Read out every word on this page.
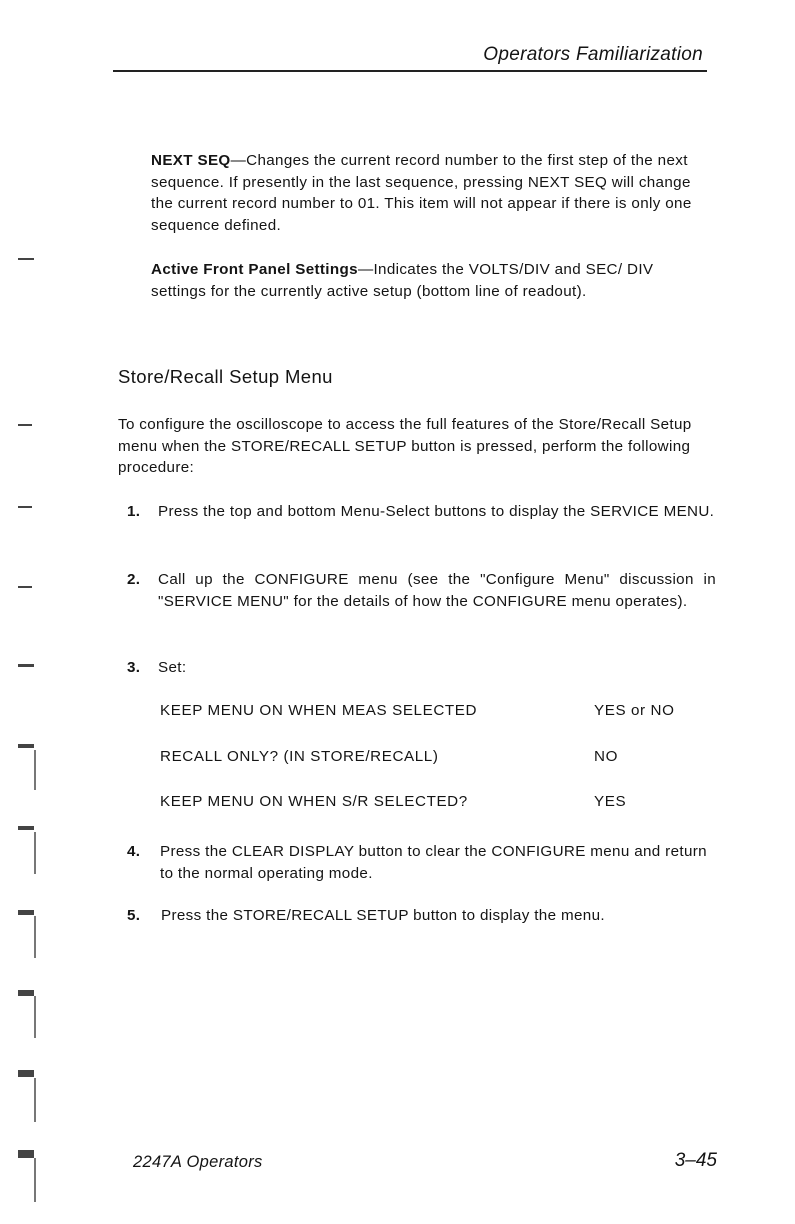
Operators Familiarization

NEXT SEQ—Changes the current record number to the first step of the next sequence. If presently in the last sequence, pressing NEXT SEQ will change the current record number to 01. This item will not appear if there is only one sequence defined.

Active Front Panel Settings—Indicates the VOLTS/DIV and SEC/ DIV settings for the currently active setup (bottom line of readout).

Store/Recall Setup Menu

To configure the oscilloscope to access the full features of the Store/Recall Setup menu when the STORE/RECALL SETUP button is pressed, perform the following procedure:

1. Press the top and bottom Menu-Select buttons to display the SERVICE MENU.
2. Call up the CONFIGURE menu (see the "Configure Menu" discussion in "SERVICE MENU" for the details of how the CONFIGURE menu operates).
3. Set:
KEEP MENU ON WHEN MEAS SELECTED	YES or NO
RECALL ONLY? (IN STORE/RECALL)	NO
KEEP MENU ON WHEN S/R SELECTED?	YES
4. Press the CLEAR DISPLAY button to clear the CONFIGURE menu and return to the normal operating mode.
5. Press the STORE/RECALL SETUP button to display the menu.
2247A Operators	3–45
